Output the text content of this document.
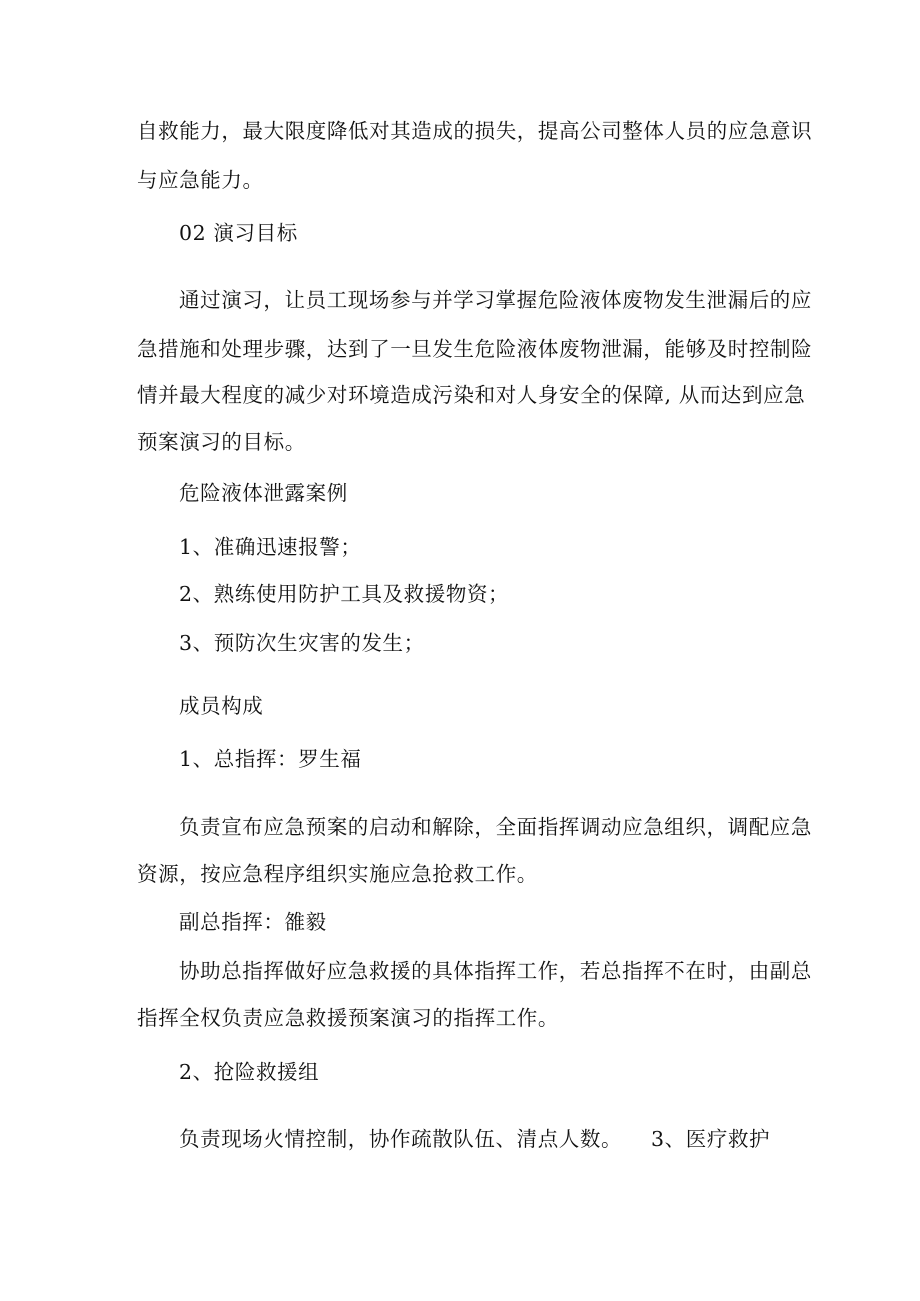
自救能力，最大限度降低对其造成的损失，提高公司整体人员的应急意识

与应急能力。

02 演习目标

通过演习，让员工现场参与并学习掌握危险液体废物发生泄漏后的应

急措施和处理步骤，达到了一旦发生危险液体废物泄漏，能够及时控制险

情并最大程度的减少对环境造成污染和对人身安全的保障, 从而达到应急

预案演习的目标。

危险液体泄露案例

1、准确迅速报警；

2、熟练使用防护工具及救援物资；

3、预防次生灾害的发生；

成员构成

1、总指挥：罗生福

负责宣布应急预案的启动和解除，全面指挥调动应急组织，调配应急

资源，按应急程序组织实施应急抢救工作。

副总指挥：雒毅

协助总指挥做好应急救援的具体指挥工作，若总指挥不在时，由副总

指挥全权负责应急救援预案演习的指挥工作。

2、抢险救援组

负责现场火情控制，协作疏散队伍、清点人数。 3、医疗救护
